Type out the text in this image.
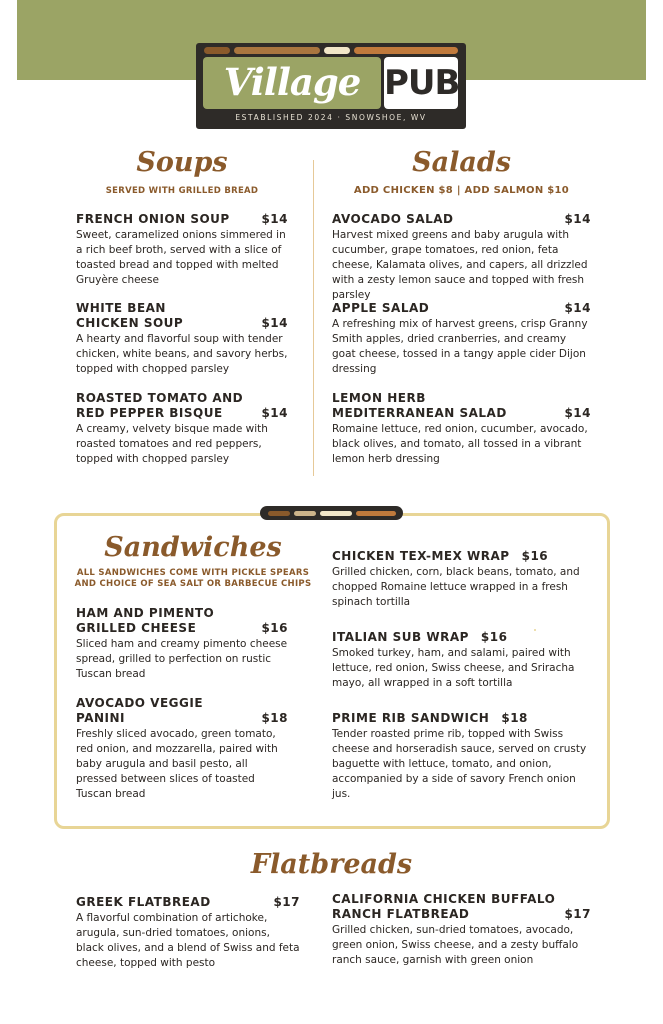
Village PUB
ESTABLISHED 2024 · SNOWSHOE, WV
Soups
SERVED WITH GRILLED BREAD
FRENCH ONION SOUP	$14
Sweet, caramelized onions simmered in a rich beef broth, served with a slice of toasted bread and topped with melted Gruyère cheese
WHITE BEAN
CHICKEN SOUP	$14
A hearty and flavorful soup with tender chicken, white beans, and savory herbs, topped with chopped parsley
ROASTED TOMATO AND
RED PEPPER BISQUE	$14
A creamy, velvety bisque made with roasted tomatoes and red peppers, topped with chopped parsley
Salads
ADD CHICKEN $8 | ADD SALMON $10
AVOCADO SALAD	$14
Harvest mixed greens and baby arugula with cucumber, grape tomatoes, red onion, feta cheese, Kalamata olives, and capers, all drizzled with a zesty lemon sauce and topped with fresh parsley
APPLE SALAD	$14
A refreshing mix of harvest greens, crisp Granny Smith apples, dried cranberries, and creamy goat cheese, tossed in a tangy apple cider Dijon dressing
LEMON HERB
MEDITERRANEAN SALAD	$14
Romaine lettuce, red onion, cucumber, avocado, black olives, and tomato, all tossed in a vibrant lemon herb dressing
Sandwiches
ALL SANDWICHES COME WITH PICKLE SPEARS
AND CHOICE OF SEA SALT OR BARBECUE CHIPS
HAM AND PIMENTO
GRILLED CHEESE	$16
Sliced ham and creamy pimento cheese spread, grilled to perfection on rustic Tuscan bread
AVOCADO VEGGIE
PANINI	$18
Freshly sliced avocado, green tomato, red onion, and mozzarella, paired with baby arugula and basil pesto, all pressed between slices of toasted Tuscan bread
CHICKEN TEX-MEX WRAP $16
Grilled chicken, corn, black beans, tomato, and chopped Romaine lettuce wrapped in a fresh spinach tortilla
ITALIAN SUB WRAP $16
Smoked turkey, ham, and salami, paired with lettuce, red onion, Swiss cheese, and Sriracha mayo, all wrapped in a soft tortilla
PRIME RIB SANDWICH $18
Tender roasted prime rib, topped with Swiss cheese and horseradish sauce, served on crusty baguette with lettuce, tomato, and onion, accompanied by a side of savory French onion jus.
Flatbreads
GREEK FLATBREAD	$17
A flavorful combination of artichoke, arugula, sun-dried tomatoes, onions, black olives, and a blend of Swiss and feta cheese, topped with pesto
CALIFORNIA CHICKEN BUFFALO
RANCH FLATBREAD	$17
Grilled chicken, sun-dried tomatoes, avocado, green onion, Swiss cheese, and a zesty buffalo ranch sauce, garnish with green onion
